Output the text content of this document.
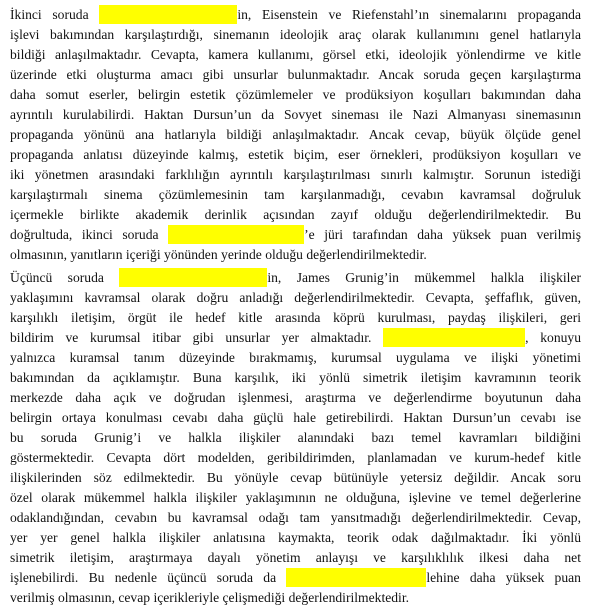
İkinci soruda	in, Eisenstein ve Riefenstahl’ın sinemalarını propaganda
işlevi bakımından karşılaştırdığı, sinemanın ideolojik araç olarak kullanımını genel hatlarıyla
bildiği anlaşılmaktadır. Cevapta, kamera kullanımı, görsel etki, ideolojik yönlendirme ve kitle
üzerinde etki oluşturma amacı gibi unsurlar bulunmaktadır. Ancak soruda geçen karşılaştırma
daha somut eserler, belirgin estetik çözümlemeler ve prodüksiyon koşulları bakımından daha
ayrıntılı kurulabilirdi. Haktan Dursun’un da Sovyet sineması ile Nazi Almanyası sinemasının
propaganda yönünü ana hatlarıyla bildiği anlaşılmaktadır. Ancak cevap, büyük ölçüde genel
propaganda anlatısı düzeyinde kalmış, estetik biçim, eser örnekleri, prodüksiyon koşulları ve
iki yönetmen arasındaki farklılığın ayrıntılı karşılaştırılması sınırlı kalmıştır. Sorunun istediği
karşılaştırmalı sinema çözümlemesinin tam karşılanmadığı, cevabın kavramsal doğruluk
içermekle birlikte akademik derinlik açısından zayıf olduğu değerlendirilmektedir. Bu
doğrultuda, ikinci soruda	’e jüri tarafından daha yüksek puan verilmiş
olmasının, yanıtların içeriği yönünden yerinde olduğu değerlendirilmektedir.
Üçüncü soruda	in, James Grunig’in mükemmel halkla ilişkiler
yaklaşımını kavramsal olarak doğru anladığı değerlendirilmektedir. Cevapta, şeffaflık, güven,
karşılıklı iletişim, örgüt ile hedef kitle arasında köprü kurulması, paydaş ilişkileri, geri
bildirim ve kurumsal itibar gibi unsurlar yer almaktadır.	, konuyu
yalnızca kuramsal tanım düzeyinde bırakmamış, kurumsal uygulama ve ilişki yönetimi
bakımından da açıklamıştır. Buna karşılık, iki yönlü simetrik iletişim kavramının teorik
merkezde daha açık ve doğrudan işlenmesi, araştırma ve değerlendirme boyutunun daha
belirgin ortaya konulması cevabı daha güçlü hale getirebilirdi. Haktan Dursun’un cevabı ise
bu soruda Grunig’i ve halkla ilişkiler alanındaki bazı temel kavramları bildiğini
göstermektedir. Cevapta dört modelden, geribildirimden, planlamadan ve kurum-hedef kitle
ilişkilerinden söz edilmektedir. Bu yönüyle cevap bütünüyle yetersiz değildir. Ancak soru
özel olarak mükemmel halkla ilişkiler yaklaşımının ne olduğuna, işlevine ve temel değerlerine
odaklandığından, cevabın bu kavramsal odağı tam yansıtmadığı değerlendirilmektedir. Cevap,
yer yer genel halkla ilişkiler anlatısına kaymakta, teorik odak dağılmaktadır. İki yönlü
simetrik iletişim, araştırmaya dayalı yönetim anlayışı ve karşılıklılık ilkesi daha net
işlenebilirdi. Bu nedenle üçüncü soruda da	lehine daha yüksek puan
verilmiş olmasının, cevap içerikleriyle çelişmediği değerlendirilmektedir.
